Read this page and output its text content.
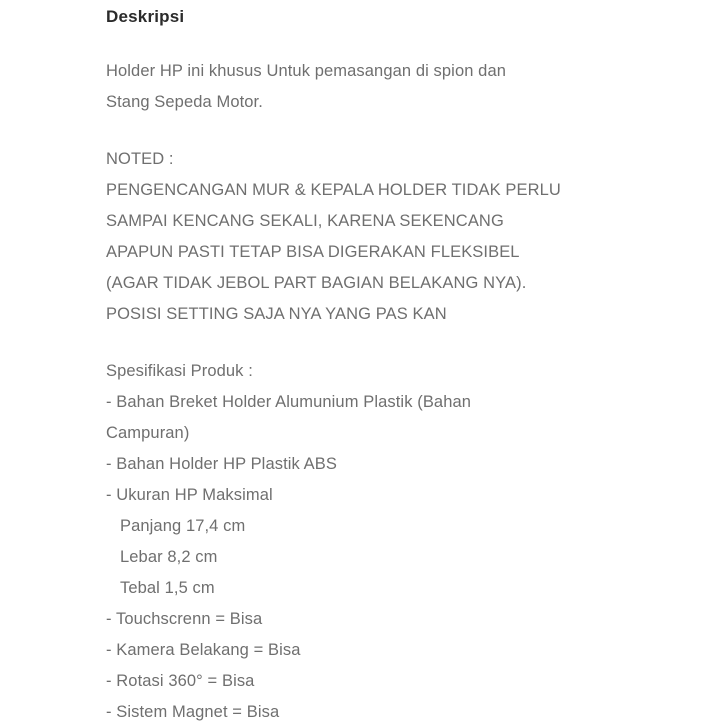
Deskripsi

Holder HP ini khusus Untuk pemasangan di spion dan

Stang Sepeda Motor.

NOTED :

PENGENCANGAN MUR & KEPALA HOLDER TIDAK PERLU

SAMPAI KENCANG SEKALI, KARENA SEKENCANG

APAPUN PASTI TETAP BISA DIGERAKAN FLEKSIBEL

(AGAR TIDAK JEBOL PART BAGIAN BELAKANG NYA).

POSISI SETTING SAJA NYA YANG PAS KAN

Spesifikasi Produk :

- Bahan Breket Holder Alumunium Plastik (Bahan
Campuran)
- Bahan Holder HP Plastik ABS
- Ukuran HP Maksimal
Panjang 17,4 cm
Lebar 8,2 cm
Tebal 1,5 cm
- Touchscrenn = Bisa
- Kamera Belakang = Bisa
- Rotasi 360° = Bisa
- Sistem Magnet = Bisa
